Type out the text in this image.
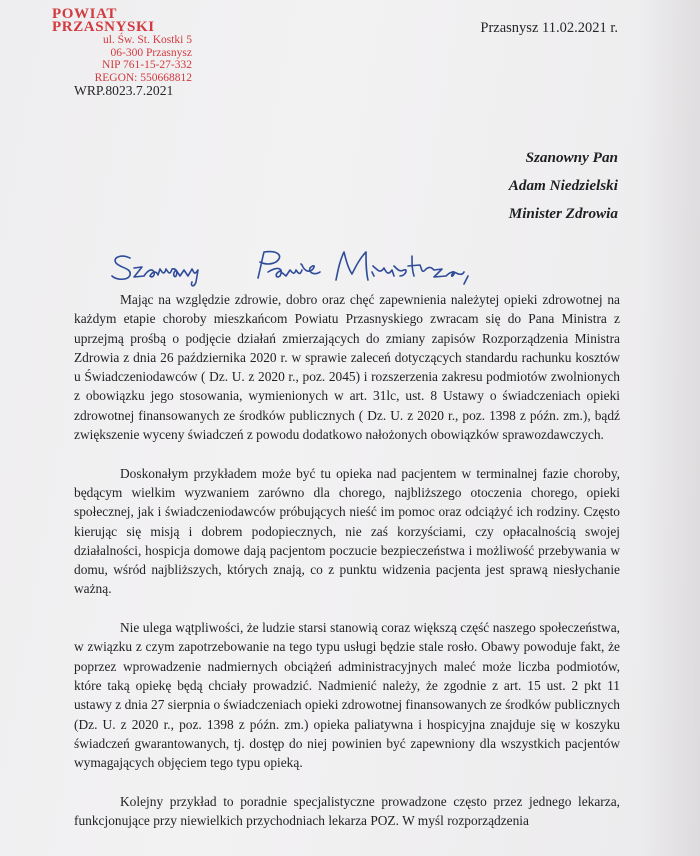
POWIAT PRZASNYSKI
ul. Św. St. Kostki 5
06-300 Przasnysz
NIP 761-15-27-332
REGON: 550668812
WRP.8023.7.2021
Przasnysz 11.02.2021 r.
Szanowny Pan
Adam Niedzielski
Minister Zdrowia

Mając na względzie zdrowie, dobro oraz chęć zapewnienia należytej opieki zdrowotnej na każdym etapie choroby mieszkańcom Powiatu Przasnyskiego zwracam się do Pana Ministra z uprzejmą prośbą o podjęcie działań zmierzających do zmiany zapisów Rozporządzenia Ministra Zdrowia z dnia 26 października 2020 r. w sprawie zaleceń dotyczących standardu rachunku kosztów u Świadczeniodawców ( Dz. U. z 2020 r., poz. 2045) i rozszerzenia zakresu podmiotów zwolnionych z obowiązku jego stosowania, wymienionych w art. 31lc, ust. 8 Ustawy o świadczeniach opieki zdrowotnej finansowanych ze środków publicznych ( Dz. U. z 2020 r., poz. 1398 z późn. zm.), bądź zwiększenie wyceny świadczeń z powodu dodatkowo nałożonych obowiązków sprawozdawczych.

Doskonałym przykładem może być tu opieka nad pacjentem w terminalnej fazie choroby, będącym wielkim wyzwaniem zarówno dla chorego, najbliższego otoczenia chorego, opieki społecznej, jak i świadczeniodawców próbujących nieść im pomoc oraz odciążyć ich rodziny. Często kierując się misją i dobrem podopiecznych, nie zaś korzyściami, czy opłacalnością swojej działalności, hospicja domowe dają pacjentom poczucie bezpieczeństwa i możliwość przebywania w domu, wśród najbliższych, których znają, co z punktu widzenia pacjenta jest sprawą niesłychanie ważną.

Nie ulega wątpliwości, że ludzie starsi stanowią coraz większą część naszego społeczeństwa, w związku z czym zapotrzebowanie na tego typu usługi będzie stale rosło. Obawy powoduje fakt, że poprzez wprowadzenie nadmiernych obciążeń administracyjnych maleć może liczba podmiotów, które taką opiekę będą chciały prowadzić. Nadmienić należy, że zgodnie z art. 15 ust. 2 pkt 11 ustawy z dnia 27 sierpnia o świadczeniach opieki zdrowotnej finansowanych ze środków publicznych (Dz. U. z 2020 r., poz. 1398 z późn. zm.) opieka paliatywna i hospicyjna znajduje się w koszyku świadczeń gwarantowanych, tj. dostęp do niej powinien być zapewniony dla wszystkich pacjentów wymagających objęciem tego typu opieką.

Kolejny przykład to poradnie specjalistyczne prowadzone często przez jednego lekarza, funkcjonujące przy niewielkich przychodniach lekarza POZ. W myśl rozporządzenia
